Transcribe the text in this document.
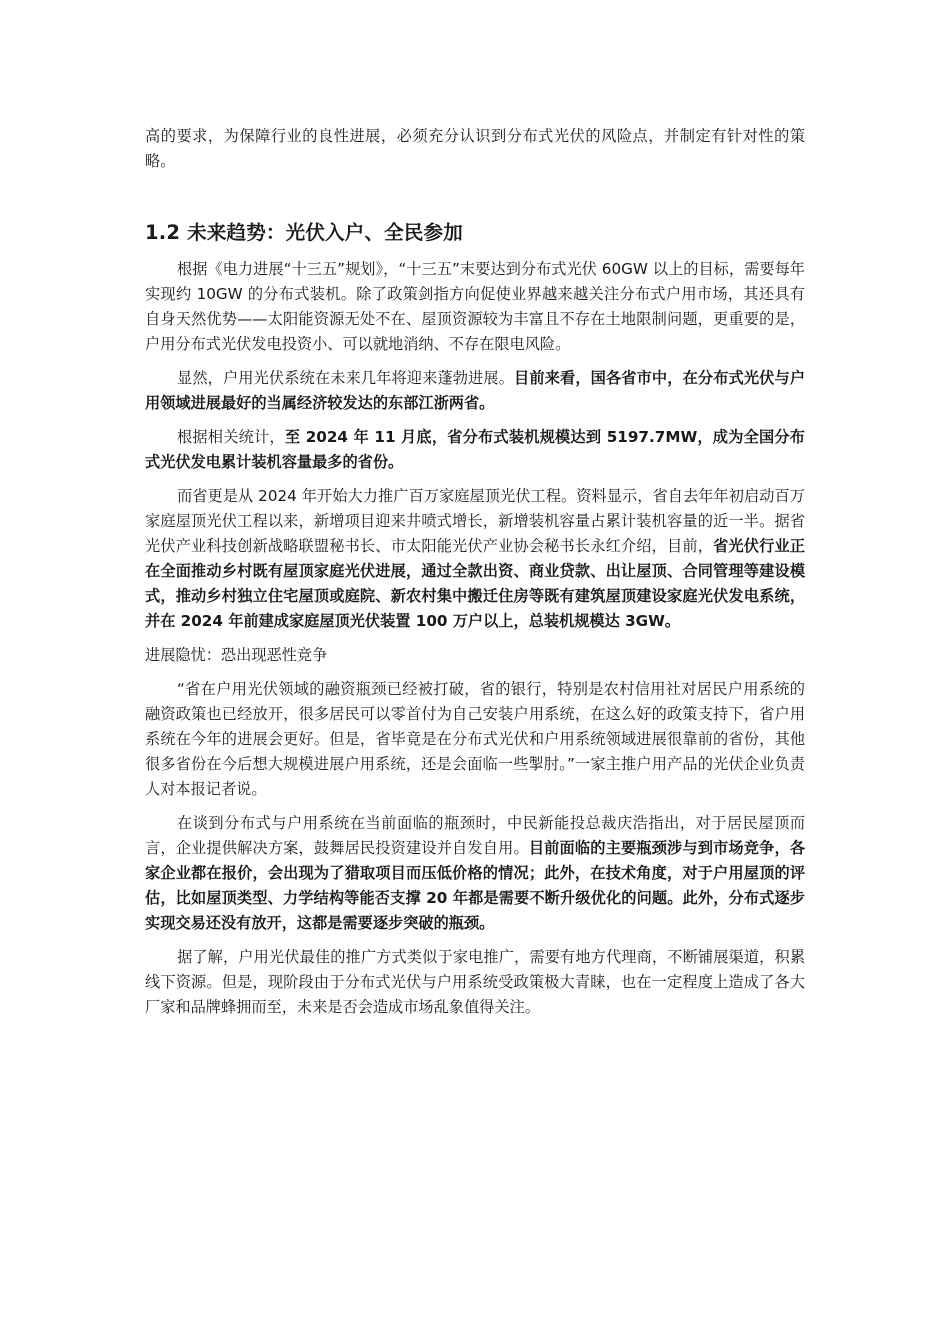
高的要求，为保障行业的良性进展，必须充分认识到分布式光伏的风险点，并制定有针对性的策略。

1.2 未来趋势：光伏入户、全民参加

根据《电力进展“十三五”规划》，“十三五”末要达到分布式光伏 60GW 以上的目标，需要每年实现约 10GW 的分布式装机。除了政策剑指方向促使业界越来越关注分布式户用市场，其还具有自身天然优势——太阳能资源无处不在、屋顶资源较为丰富且不存在土地限制问题，更重要的是，户用分布式光伏发电投资小、可以就地消纳、不存在限电风险。

显然，户用光伏系统在未来几年将迎来蓬勃进展。目前来看，国各省市中，在分布式光伏与户用领域进展最好的当属经济较发达的东部江浙两省。

根据相关统计，至 2024 年 11 月底，省分布式装机规模达到 5197.7MW，成为全国分布式光伏发电累计装机容量最多的省份。

而省更是从 2024 年开始大力推广百万家庭屋顶光伏工程。资料显示，省自去年年初启动百万家庭屋顶光伏工程以来，新增项目迎来井喷式增长，新增装机容量占累计装机容量的近一半。据省光伏产业科技创新战略联盟秘书长、市太阳能光伏产业协会秘书长永红介绍，目前，省光伏行业正在全面推动乡村既有屋顶家庭光伏进展，通过全款出资、商业贷款、出让屋顶、合同管理等建设模式，推动乡村独立住宅屋顶或庭院、新农村集中搬迁住房等既有建筑屋顶建设家庭光伏发电系统，并在 2024 年前建成家庭屋顶光伏装置 100 万户以上，总装机规模达 3GW。

进展隐忧：恐出现恶性竞争

“省在户用光伏领域的融资瓶颈已经被打破，省的银行，特别是农村信用社对居民户用系统的融资政策也已经放开，很多居民可以零首付为自己安装户用系统，在这么好的政策支持下，省户用系统在今年的进展会更好。但是，省毕竟是在分布式光伏和户用系统领域进展很靠前的省份，其他很多省份在今后想大规模进展户用系统，还是会面临一些掣肘。”一家主推户用产品的光伏企业负责人对本报记者说。

在谈到分布式与户用系统在当前面临的瓶颈时，中民新能投总裁庆浩指出，对于居民屋顶而言，企业提供解决方案，鼓舞居民投资建设并自发自用。目前面临的主要瓶颈涉与到市场竞争，各家企业都在报价，会出现为了猎取项目而压低价格的情况；此外，在技术角度，对于户用屋顶的评估，比如屋顶类型、力学结构等能否支撑 20 年都是需要不断升级优化的问题。此外，分布式逐步实现交易还没有放开，这都是需要逐步突破的瓶颈。

据了解，户用光伏最佳的推广方式类似于家电推广，需要有地方代理商，不断铺展渠道，积累线下资源。但是，现阶段由于分布式光伏与户用系统受政策极大青睐，也在一定程度上造成了各大厂家和品牌蜂拥而至，未来是否会造成市场乱象值得关注。
